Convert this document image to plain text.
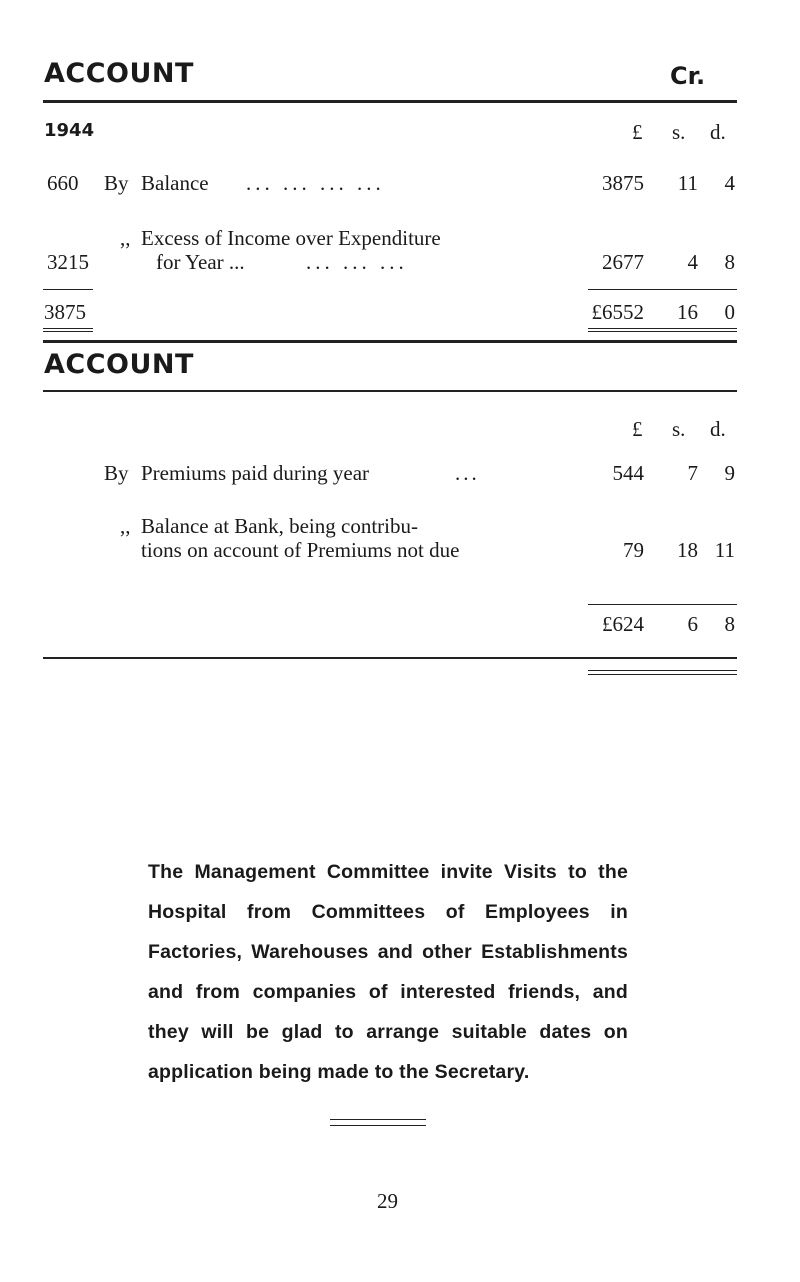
ACCOUNT	Cr.
1944	£ s. d.
660 By Balance ... ... ... ...	3875	11	4
,, Excess of Income over Expenditure
3215	for Year ...	... ... ...	2677	4	8
3875	£6552	16	0
ACCOUNT
£ s. d.
By Premiums paid during year	...	544	7	9
,, Balance at Bank, being contribu-
tions on account of Premiums not due	79	18 11
£624	6	8
The Management Committee invite Visits to the Hospital from Committees of Employees in Factories, Warehouses and other Establishments and from companies of interested friends, and they will be glad to arrange suitable dates on application being made to the Secretary.
29
